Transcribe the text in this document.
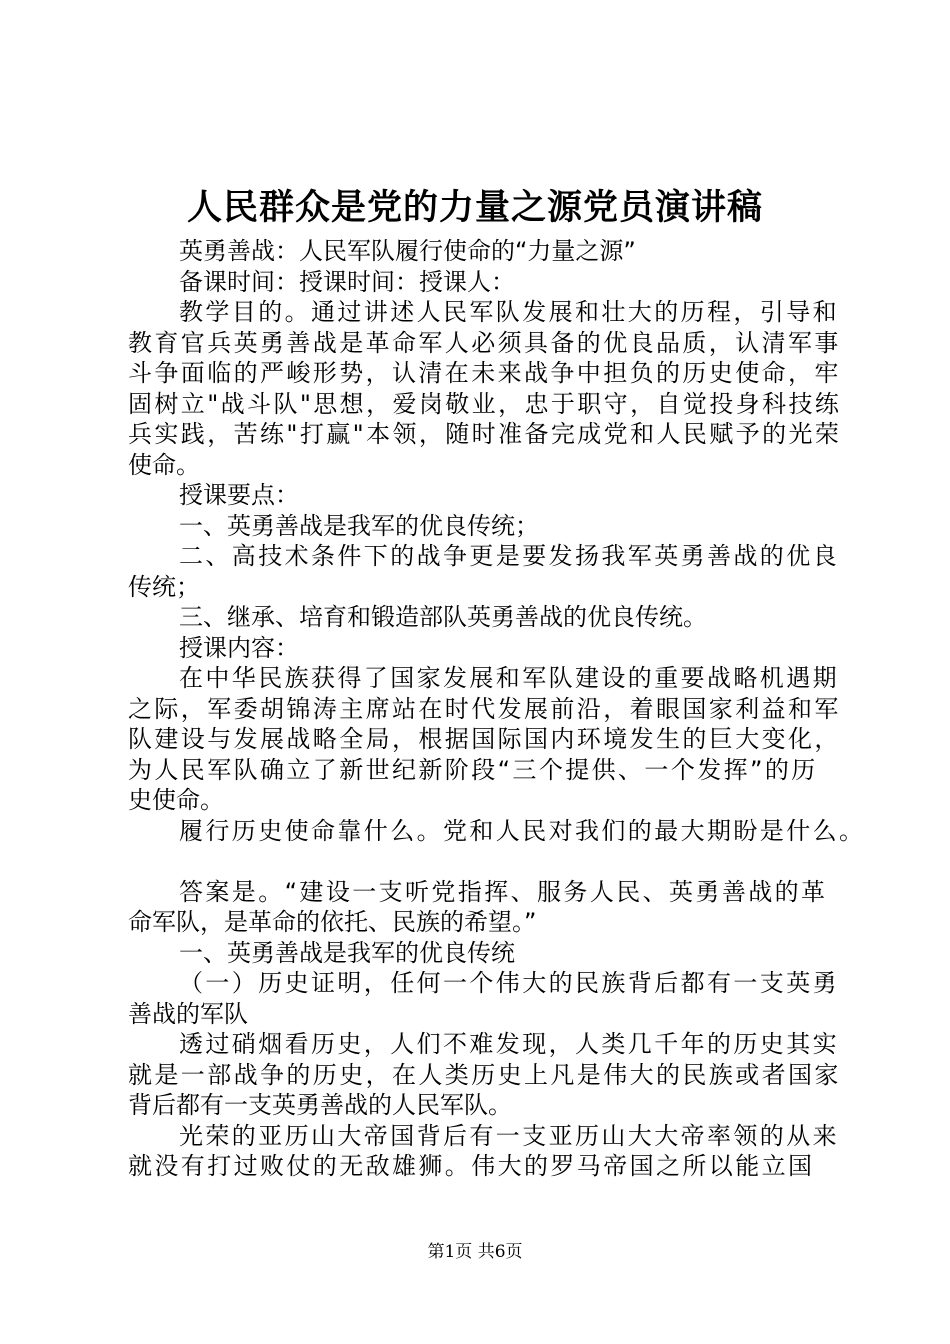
人民群众是党的力量之源党员演讲稿
英勇善战：人民军队履行使命的“力量之源”
备课时间：授课时间：授课人：
教学目的。通过讲述人民军队发展和壮大的历程，引导和
教育官兵英勇善战是革命军人必须具备的优良品质，认清军事
斗争面临的严峻形势，认清在未来战争中担负的历史使命，牢
固树立"战斗队"思想，爱岗敬业，忠于职守，自觉投身科技练
兵实践，苦练"打赢"本领，随时准备完成党和人民赋予的光荣
使命。
授课要点：
一、英勇善战是我军的优良传统；
二、高技术条件下的战争更是要发扬我军英勇善战的优良
传统；
三、继承、培育和锻造部队英勇善战的优良传统。
授课内容：
在中华民族获得了国家发展和军队建设的重要战略机遇期
之际，军委胡锦涛主席站在时代发展前沿，着眼国家利益和军
队建设与发展战略全局，根据国际国内环境发生的巨大变化，
为人民军队确立了新世纪新阶段“三个提供、一个发挥”的历
史使命。
履行历史使命靠什么。党和人民对我们的最大期盼是什么。
答案是。“建设一支听党指挥、服务人民、英勇善战的革
命军队，是革命的依托、民族的希望。”
一、英勇善战是我军的优良传统
（一）历史证明，任何一个伟大的民族背后都有一支英勇
善战的军队
透过硝烟看历史，人们不难发现，人类几千年的历史其实
就是一部战争的历史，在人类历史上凡是伟大的民族或者国家
背后都有一支英勇善战的人民军队。
光荣的亚历山大帝国背后有一支亚历山大大帝率领的从来
就没有打过败仗的无敌雄狮。伟大的罗马帝国之所以能立国
第1页 共6页
